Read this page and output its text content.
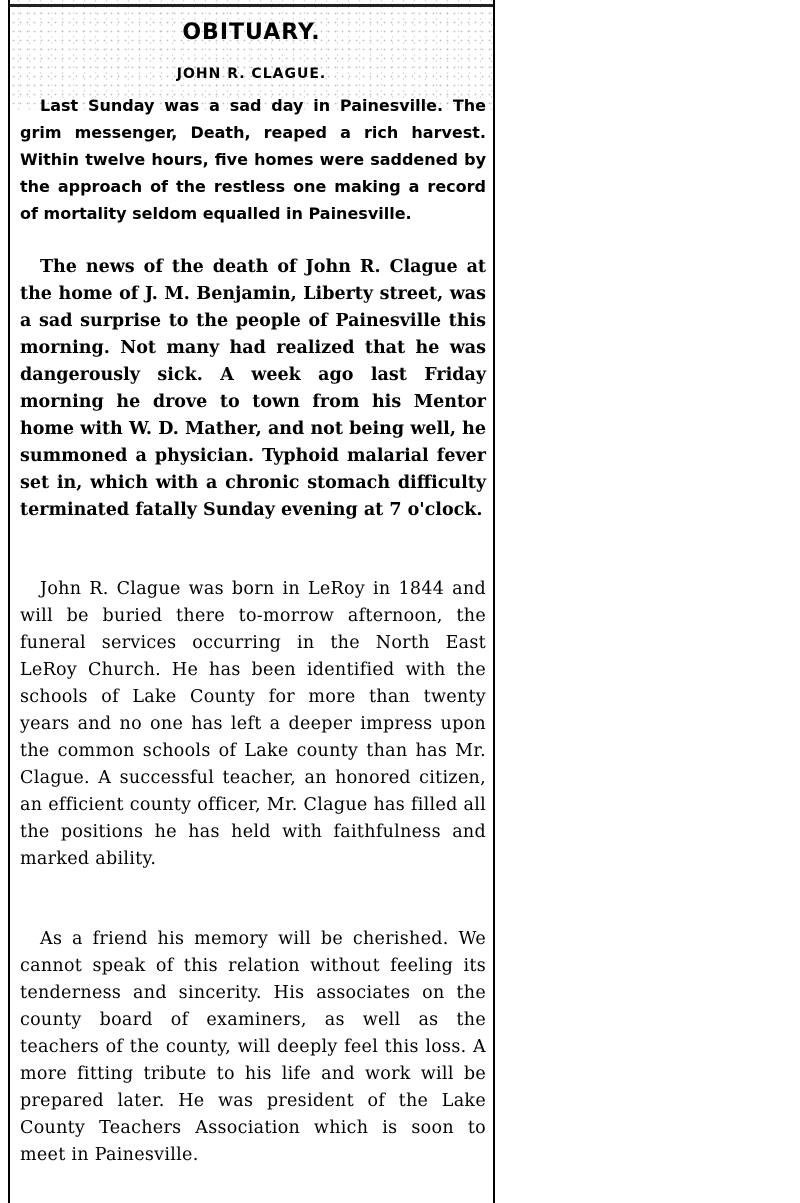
OBITUARY.
JOHN R. CLAGUE.

Last Sunday was a sad day in Painesville. The grim messenger, Death, reaped a rich harvest. Within twelve hours, five homes were saddened by the approach of the restless one making a record of mortality seldom equalled in Painesville.

The news of the death of John R. Clague at the home of J. M. Benjamin, Liberty street, was a sad surprise to the people of Painesville this morning. Not many had realized that he was dangerously sick. A week ago last Friday morning he drove to town from his Mentor home with W. D. Mather, and not being well, he summoned a physician. Typhoid malarial fever set in, which with a chronic stomach difficulty terminated fatally Sunday evening at 7 o'clock.

John R. Clague was born in LeRoy in 1844 and will be buried there to-morrow afternoon, the funeral services occurring in the North East LeRoy Church. He has been identified with the schools of Lake County for more than twenty years and no one has left a deeper impress upon the common schools of Lake county than has Mr. Clague. A successful teacher, an honored citizen, an efficient county officer, Mr. Clague has filled all the positions he has held with faithfulness and marked ability.

As a friend his memory will be cherished. We cannot speak of this relation without feeling its tenderness and sincerity. His associates on the county board of examiners, as well as the teachers of the county, will deeply feel this loss. A more fitting tribute to his life and work will be prepared later. He was president of the Lake County Teachers Association which is soon to meet in Painesville.
